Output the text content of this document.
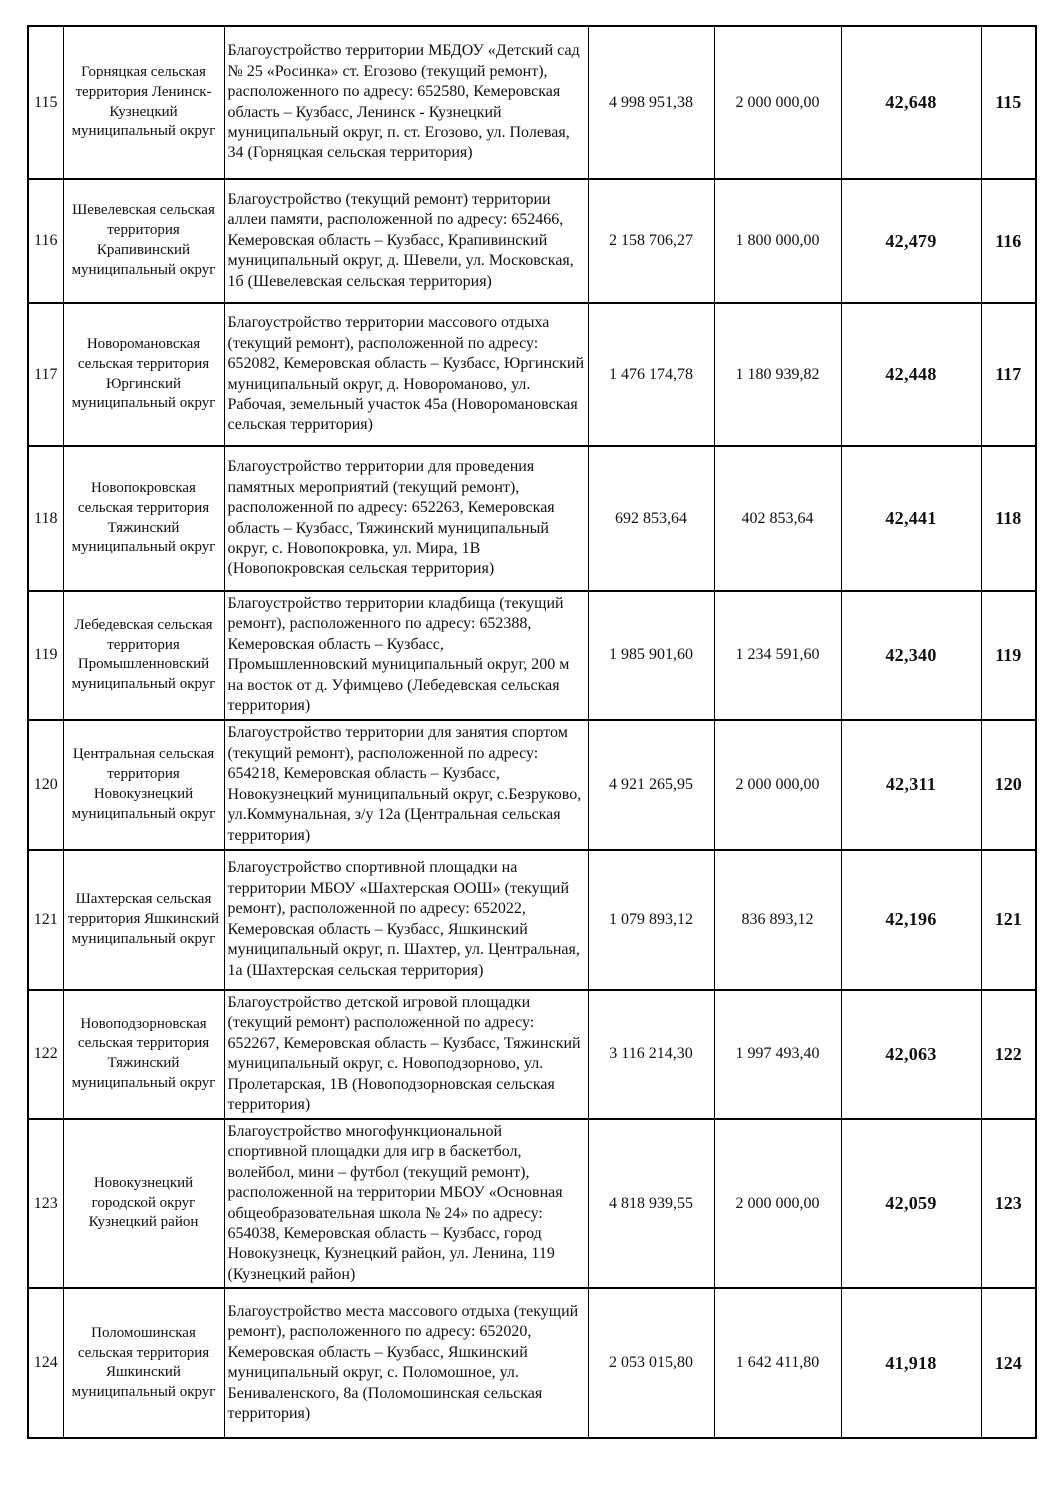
115	Горняцкая сельская территория Ленинск-Кузнецкий муниципальный округ	Благоустройство территории МБДОУ «Детский сад № 25 «Росинка» ст. Егозово (текущий ремонт), расположенного по адресу: 652580, Кемеровская область – Кузбасс, Ленинск - Кузнецкий муниципальный округ, п. ст. Егозово, ул. Полевая, 34 (Горняцкая сельская территория)	4 998 951,38	2 000 000,00	42,648	115
116	Шевелевская сельская территория Крапивинский муниципальный округ	Благоустройство (текущий ремонт) территории аллеи памяти, расположенной по адресу: 652466, Кемеровская область – Кузбасс, Крапивинский муниципальный округ, д. Шевели, ул. Московская, 1б (Шевелевская сельская территория)	2 158 706,27	1 800 000,00	42,479	116
117	Новоромановская сельская территория Юргинский муниципальный округ	Благоустройство территории массового отдыха (текущий ремонт), расположенной по адресу: 652082, Кемеровская область – Кузбасс, Юргинский муниципальный округ, д. Новороманово, ул. Рабочая, земельный участок 45а (Новоромановская сельская территория)	1 476 174,78	1 180 939,82	42,448	117
118	Новопокровская сельская территория Тяжинский муниципальный округ	Благоустройство территории для проведения памятных мероприятий (текущий ремонт), расположенной по адресу: 652263, Кемеровская область – Кузбасс, Тяжинский муниципальный округ, с. Новопокровка, ул. Мира, 1В (Новопокровская сельская территория)	692 853,64	402 853,64	42,441	118
119	Лебедевская сельская территория Промышленновский муниципальный округ	Благоустройство территории кладбища (текущий ремонт), расположенного по адресу: 652388, Кемеровская область – Кузбасс, Промышленновский муниципальный округ, 200 м на восток от д. Уфимцево (Лебедевская сельская территория)	1 985 901,60	1 234 591,60	42,340	119
120	Центральная сельская территория Новокузнецкий муниципальный округ	Благоустройство территории для занятия спортом (текущий ремонт), расположенной по адресу: 654218, Кемеровская область – Кузбасс, Новокузнецкий муниципальный округ, с.Безруково, ул.Коммунальная, з/у 12а (Центральная сельская территория)	4 921 265,95	2 000 000,00	42,311	120
121	Шахтерская сельская территория Яшкинский муниципальный округ	Благоустройство спортивной площадки на территории МБОУ «Шахтерская ООШ» (текущий ремонт), расположенной по адресу: 652022, Кемеровская область – Кузбасс, Яшкинский муниципальный округ, п. Шахтер, ул. Центральная, 1а (Шахтерская сельская территория)	1 079 893,12	836 893,12	42,196	121
122	Новоподзорновская сельская территория Тяжинский муниципальный округ	Благоустройство детской игровой площадки (текущий ремонт) расположенной по адресу: 652267, Кемеровская область – Кузбасс, Тяжинский муниципальный округ, с. Новоподзорново, ул. Пролетарская, 1В (Новоподзорновская сельская территория)	3 116 214,30	1 997 493,40	42,063	122
123	Новокузнецкий городской округ Кузнецкий район	Благоустройство многофункциональной спортивной площадки для игр в баскетбол, волейбол, мини – футбол (текущий ремонт), расположенной на территории МБОУ «Основная общеобразовательная школа № 24» по адресу: 654038, Кемеровская область – Кузбасс, город Новокузнецк, Кузнецкий район, ул. Ленина, 119 (Кузнецкий район)	4 818 939,55	2 000 000,00	42,059	123
124	Поломошинская сельская территория Яшкинский муниципальный округ	Благоустройство места массового отдыха (текущий ремонт), расположенного по адресу: 652020, Кемеровская область – Кузбасс, Яшкинский муниципальный округ, с. Поломошное, ул. Бениваленского, 8а (Поломошинская сельская территория)	2 053 015,80	1 642 411,80	41,918	124
